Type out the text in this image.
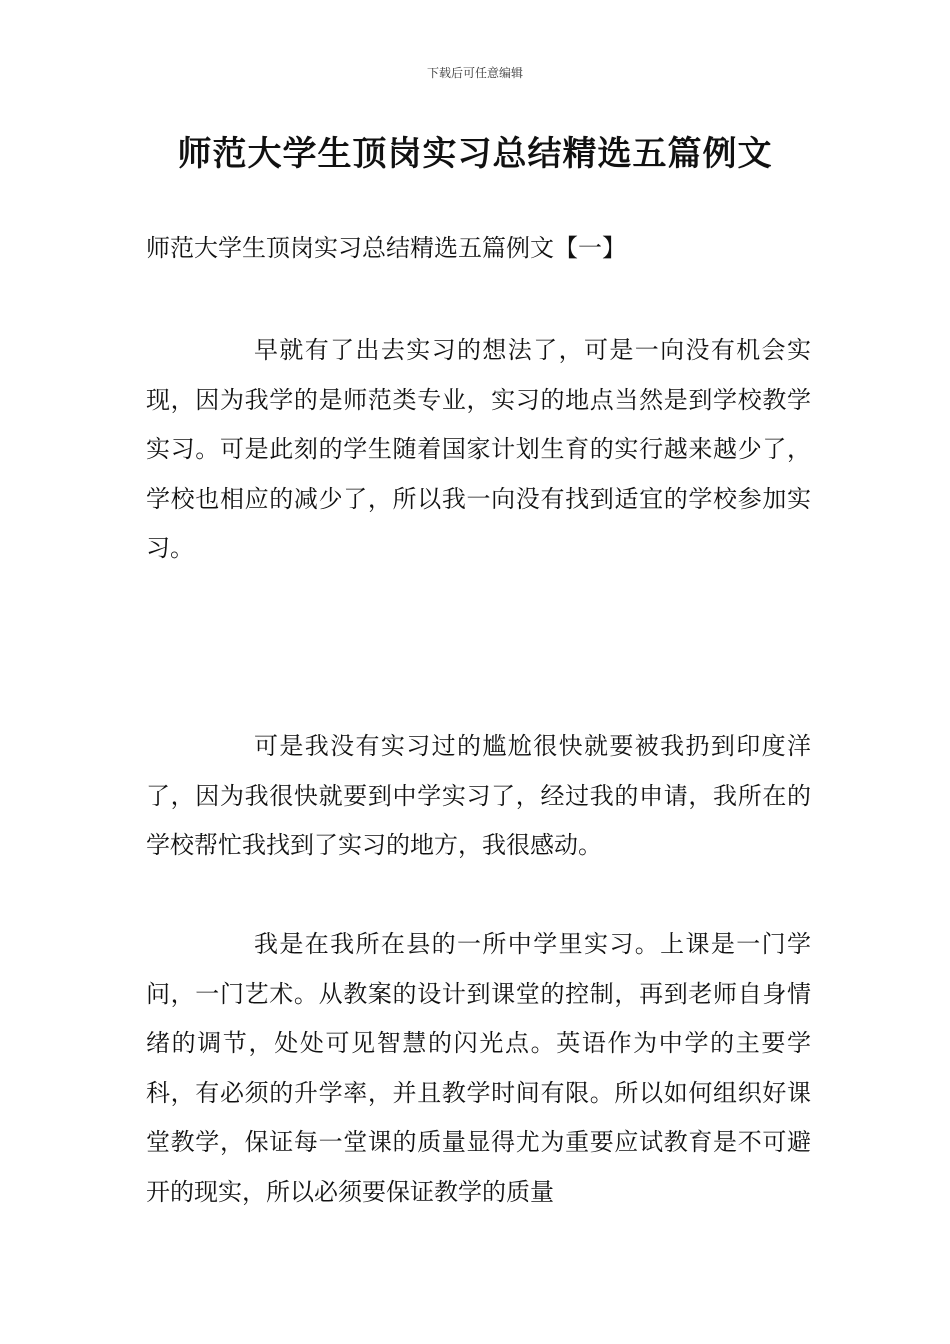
下载后可任意编辑
师范大学生顶岗实习总结精选五篇例文
师范大学生顶岗实习总结精选五篇例文【一】

早就有了出去实习的想法了，可是一向没有机会实现，因为我学的是师范类专业，实习的地点当然是到学校教学实习。可是此刻的学生随着国家计划生育的实行越来越少了，学校也相应的减少了，所以我一向没有找到适宜的学校参加实习。

可是我没有实习过的尴尬很快就要被我扔到印度洋了，因为我很快就要到中学实习了，经过我的申请，我所在的学校帮忙我找到了实习的地方，我很感动。

我是在我所在县的一所中学里实习。上课是一门学问，一门艺术。从教案的设计到课堂的控制，再到老师自身情绪的调节，处处可见智慧的闪光点。英语作为中学的主要学科，有必须的升学率，并且教学时间有限。所以如何组织好课堂教学，保证每一堂课的质量显得尤为重要应试教育是不可避开的现实，所以必须要保证教学的质量
